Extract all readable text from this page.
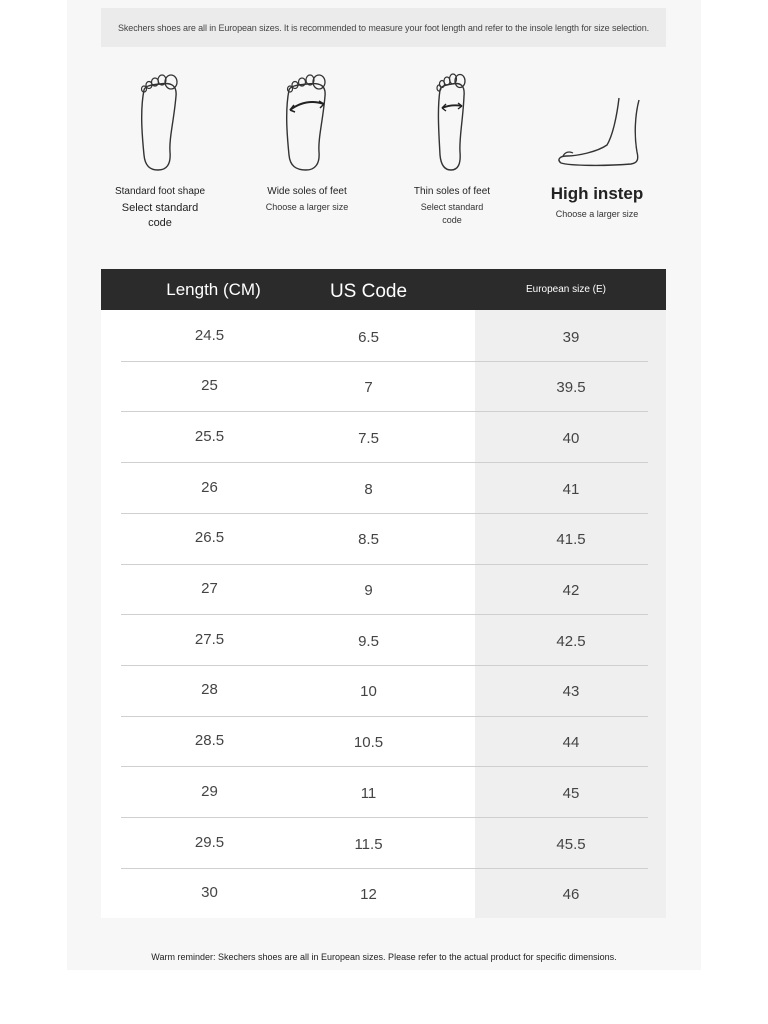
Skechers shoes are all in European sizes. It is recommended to measure your foot length and refer to the insole length for size selection.
Standard foot shape
Select standard code
Wide soles of feet
Choose a larger size
Thin soles of feet
Select standard code
High instep
Choose a larger size
Length (CM)	US Code	European size (E)
24.5	6.5	39
25	7	39.5
25.5	7.5	40
26	8	41
26.5	8.5	41.5
27	9	42
27.5	9.5	42.5
28	10	43
28.5	10.5	44
29	11	45
29.5	11.5	45.5
30	12	46
Warm reminder: Skechers shoes are all in European sizes. Please refer to the actual product for specific dimensions.
